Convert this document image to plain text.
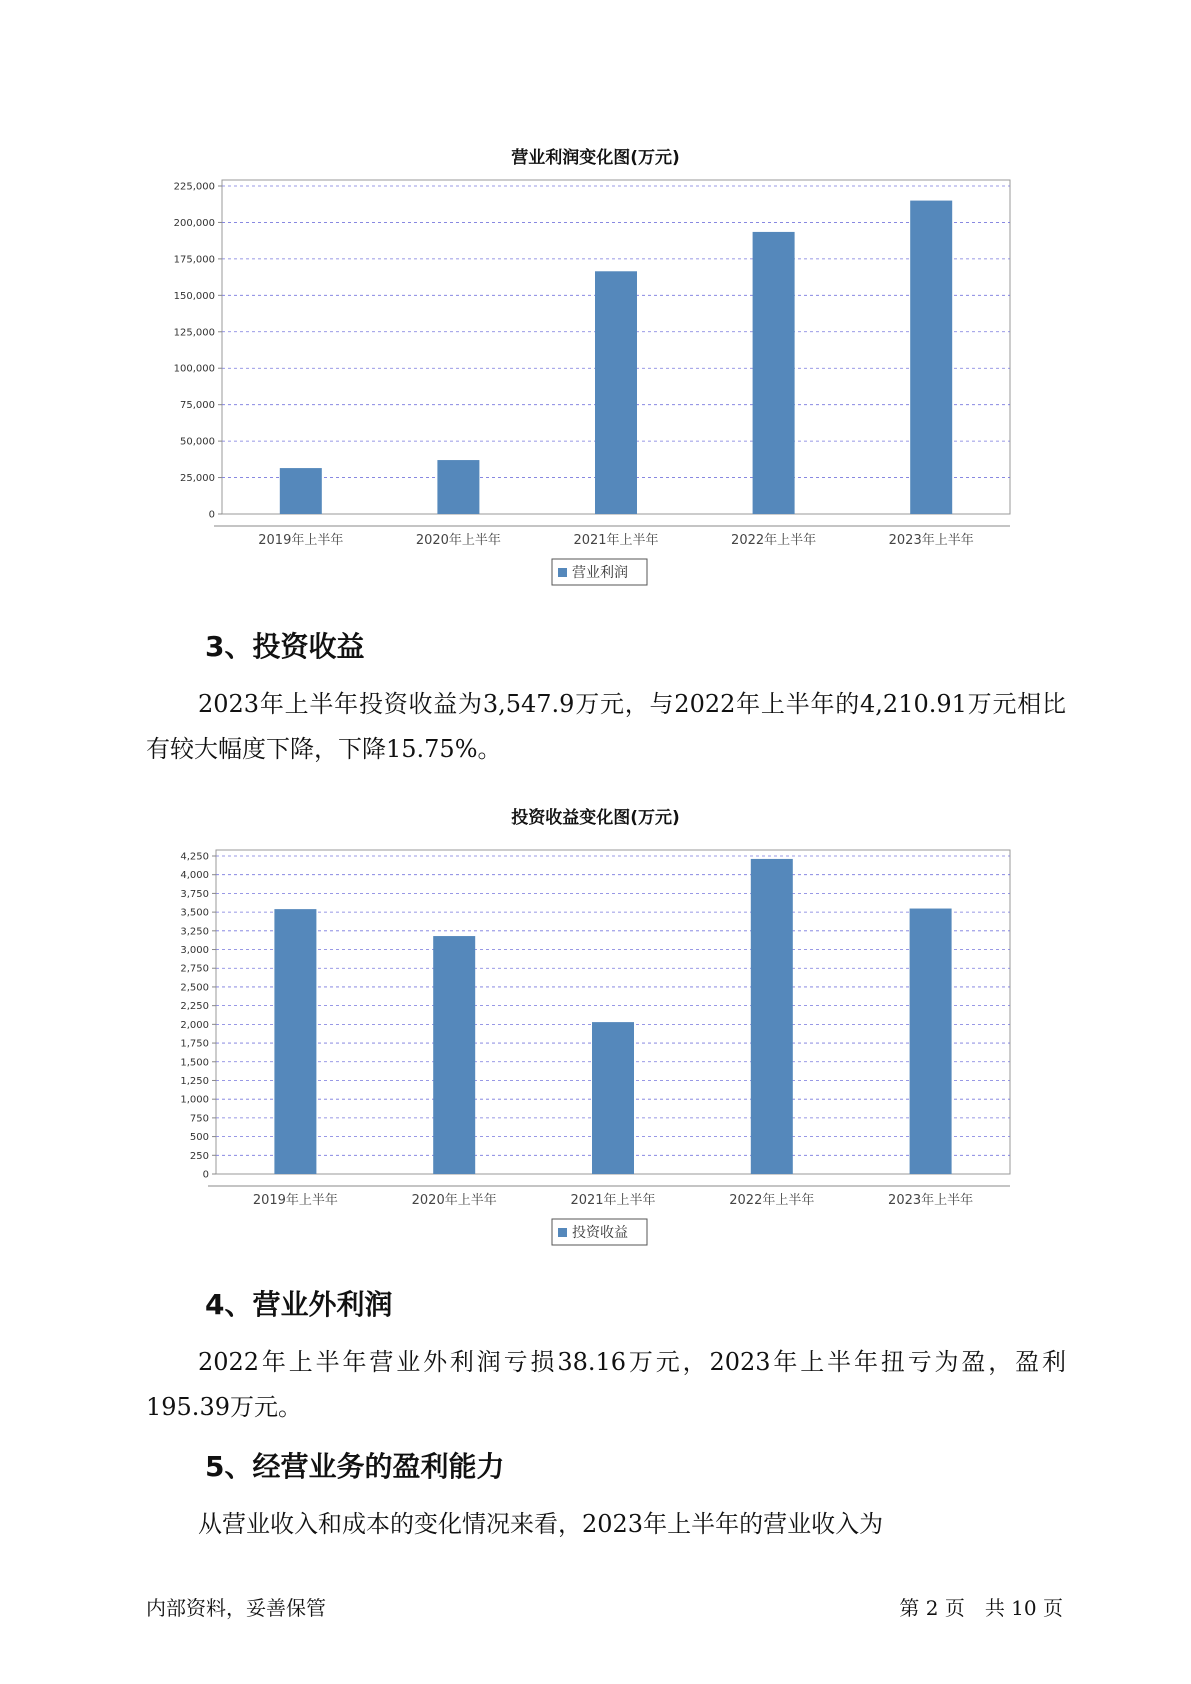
营业利润变化图(万元)
0
25,000
50,000
75,000
100,000
125,000
150,000
175,000
200,000
225,000
2019年上半年	2020年上半年	2021年上半年	2022年上半年	2023年上半年
营业利润
3、投资收益

2023年上半年投资收益为3,547.9万元，与2022年上半年的4,210.91万元相比有较大幅度下降，下降15.75%。

投资收益变化图(万元)
0
250
500
750
1,000
1,250
1,500
1,750
2,000
2,250
2,500
2,750
3,000
3,250
3,500
3,750
4,000
4,250
2019年上半年	2020年上半年	2021年上半年	2022年上半年	2023年上半年
投资收益
4、营业外利润

2022年上半年营业外利润亏损38.16万元，2023年上半年扭亏为盈，盈利195.39万元。

5、经营业务的盈利能力

从营业收入和成本的变化情况来看，2023年上半年的营业收入为

内部资料，妥善保管	第 2 页　共 10 页
